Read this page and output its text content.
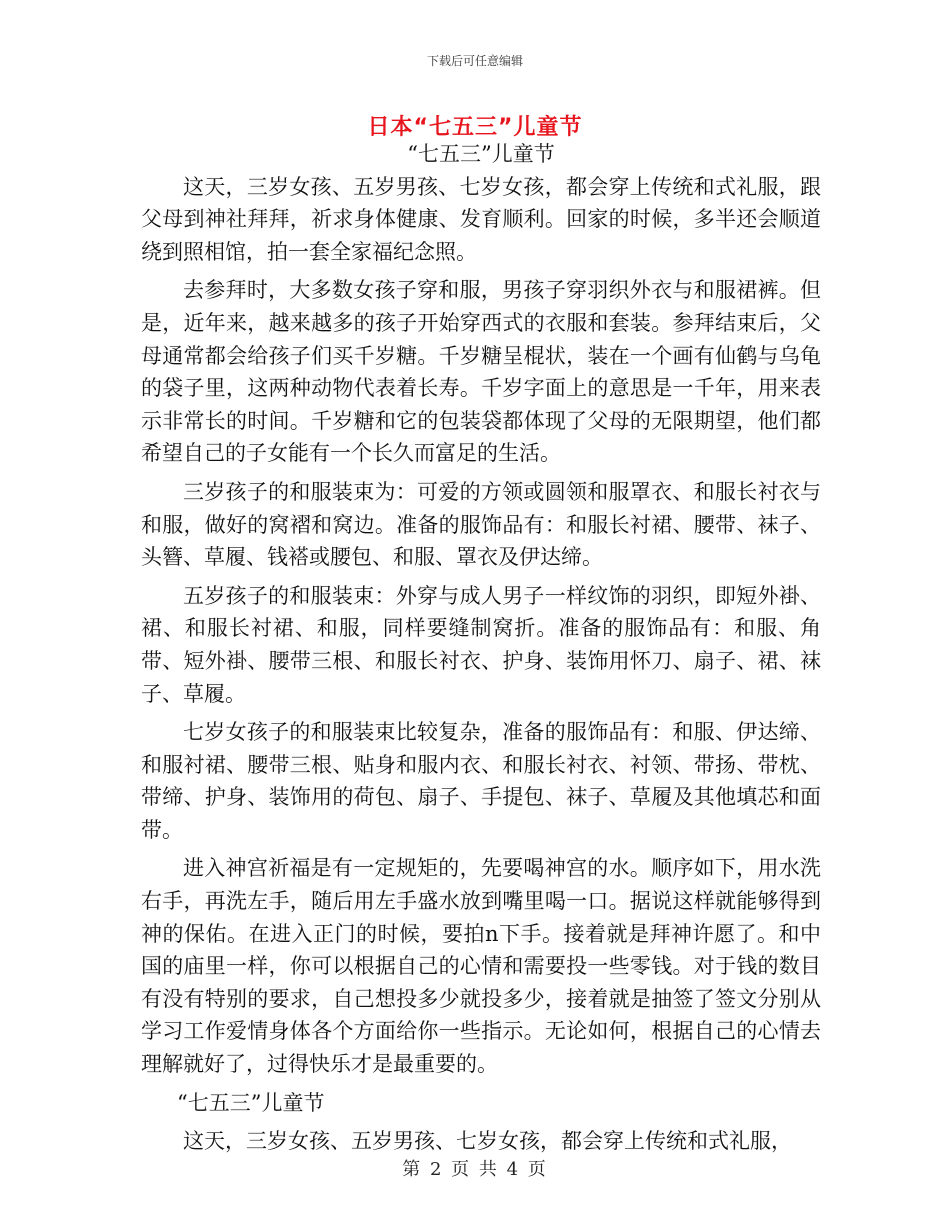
下载后可任意编辑
日本“七五三”儿童节

“七五三”儿童节

这天，三岁女孩、五岁男孩、七岁女孩，都会穿上传统和式礼服，跟父母到神社拜拜，祈求身体健康、发育顺利。回家的时候，多半还会顺道绕到照相馆，拍一套全家福纪念照。

去参拜时，大多数女孩子穿和服，男孩子穿羽织外衣与和服裙裤。但是，近年来，越来越多的孩子开始穿西式的衣服和套装。参拜结束后，父母通常都会给孩子们买千岁糖。千岁糖呈棍状，装在一个画有仙鹤与乌龟的袋子里，这两种动物代表着长寿。千岁字面上的意思是一千年，用来表示非常长的时间。千岁糖和它的包装袋都体现了父母的无限期望，他们都希望自己的子女能有一个长久而富足的生活。

三岁孩子的和服装束为：可爱的方领或圆领和服罩衣、和服长衬衣与和服，做好的窝褶和窝边。准备的服饰品有：和服长衬裙、腰带、袜子、头簪、草履、钱褡或腰包、和服、罩衣及伊达缔。

五岁孩子的和服装束：外穿与成人男子一样纹饰的羽织，即短外褂、裙、和服长衬裙、和服，同样要缝制窝折。准备的服饰品有：和服、角带、短外褂、腰带三根、和服长衬衣、护身、装饰用怀刀、扇子、裙、袜子、草履。

七岁女孩子的和服装束比较复杂，准备的服饰品有：和服、伊达缔、和服衬裙、腰带三根、贴身和服内衣、和服长衬衣、衬领、带扬、带枕、带缔、护身、装饰用的荷包、扇子、手提包、袜子、草履及其他填芯和面带。

进入神宫祈福是有一定规矩的，先要喝神宫的水。顺序如下，用水洗右手，再洗左手，随后用左手盛水放到嘴里喝一口。据说这样就能够得到神的保佑。在进入正门的时候，要拍n下手。接着就是拜神许愿了。和中国的庙里一样，你可以根据自己的心情和需要投一些零钱。对于钱的数目有没有特别的要求，自己想投多少就投多少，接着就是抽签了签文分别从学习工作爱情身体各个方面给你一些指示。无论如何，根据自己的心情去理解就好了，过得快乐才是最重要的。

“七五三”儿童节

这天，三岁女孩、五岁男孩、七岁女孩，都会穿上传统和式礼服，

第 2 页 共 4 页
